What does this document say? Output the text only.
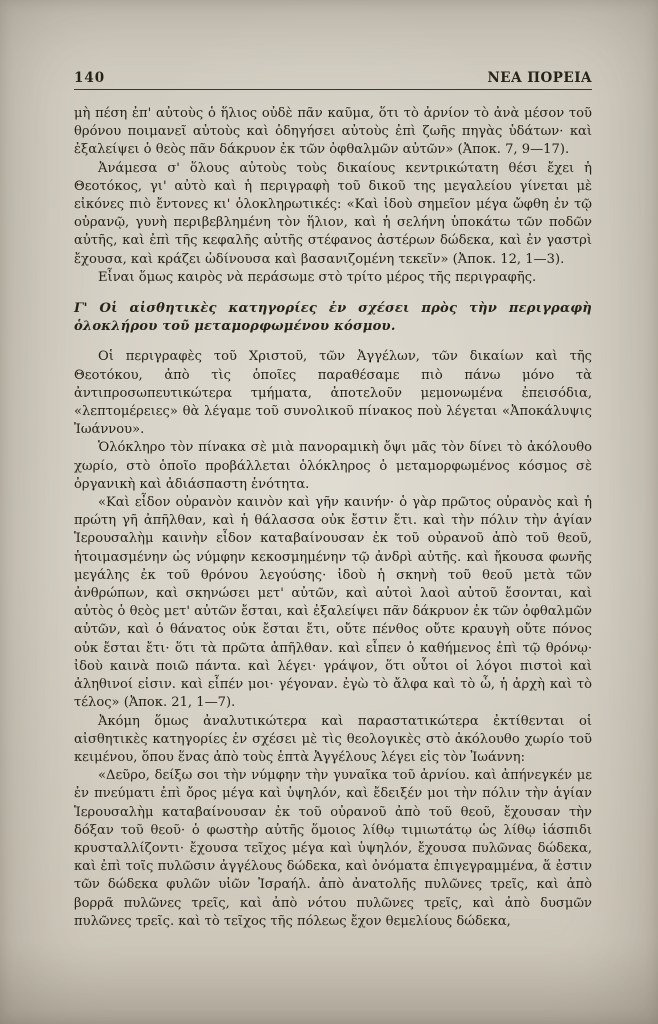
140	ΝΕΑ ΠΟΡΕΙΑ

μὴ πέση ἐπ' αὐτοὺς ὁ ἥλιος οὐδὲ πᾶν καῦμα, ὅτι τὸ ἀρνίον τὸ ἀνὰ μέσον τοῦ θρόνου ποιμανεῖ αὐτοὺς καὶ ὁδηγήσει αὐτοὺς ἐπὶ ζωῆς πηγὰς ὑδάτων· καὶ ἐξαλείψει ὁ θεὸς πᾶν δάκρυον ἐκ τῶν ὀφθαλμῶν αὐτῶν» (Ἀποκ. 7, 9—17).

Ἀνάμεσα σ' ὅλους αὐτοὺς τοὺς δικαίους κεντρικώτατη θέσι ἔχει ἡ Θεοτόκος, γι' αὐτὸ καὶ ἡ περιγραφὴ τοῦ δικοῦ της μεγαλείου γίνεται μὲ εἰκόνες πιὸ ἔντονες κι' ὁλοκληρωτικές: «Καὶ ἰδοὺ σημεῖον μέγα ὤφθη ἐν τῷ οὐρανῷ, γυνὴ περιβεβλημένη τὸν ἥλιον, καὶ ἡ σελήνη ὑποκάτω τῶν ποδῶν αὐτῆς, καὶ ἐπὶ τῆς κεφαλῆς αὐτῆς στέφανος ἀστέρων δώδεκα, καὶ ἐν γαστρὶ ἔχουσα, καὶ κράζει ὠδίνουσα καὶ βασανιζομένη τεκεῖν» (Ἀποκ. 12, 1—3).

Εἶναι ὅμως καιρὸς νὰ περάσωμε στὸ τρίτο μέρος τῆς περιγραφῆς.

Γ' Οἱ αἰσθητικὲς κατηγορίες ἐν σχέσει πρὸς τὴν περιγραφὴ ὁλοκλήρου τοῦ μεταμορφωμένου κόσμου.

Οἱ περιγραφὲς τοῦ Χριστοῦ, τῶν Ἀγγέλων, τῶν δικαίων καὶ τῆς Θεοτόκου, ἀπὸ τὶς ὁποῖες παραθέσαμε πιὸ πάνω μόνο τὰ ἀντιπροσωπευτικώτερα τμήματα, ἀποτελοῦν μεμονωμένα ἐπεισόδια, «λεπτομέρειες» θὰ λέγαμε τοῦ συνολικοῦ πίνακος ποὺ λέγεται «Ἀποκάλυψις Ἰωάννου».

Ὁλόκληρο τὸν πίνακα σὲ μιὰ πανοραμικὴ ὄψι μᾶς τὸν δίνει τὸ ἀκόλουθο χωρίο, στὸ ὁποῖο προβάλλεται ὁλόκληρος ὁ μεταμορφωμένος κόσμος σὲ ὀργανικὴ καὶ ἀδιάσπαστη ἑνότητα.

«Καὶ εἶδον οὐρανὸν καινὸν καὶ γῆν καινήν· ὁ γὰρ πρῶτος οὐρανὸς καὶ ἡ πρώτη γῆ ἀπῆλθαν, καὶ ἡ θάλασσα οὐκ ἔστιν ἔτι. καὶ τὴν πόλιν τὴν ἁγίαν Ἱερουσαλὴμ καινὴν εἶδον καταβαίνουσαν ἐκ τοῦ οὐρανοῦ ἀπὸ τοῦ θεοῦ, ἡτοιμασμένην ὡς νύμφην κεκοσμημένην τῷ ἀνδρὶ αὐτῆς. καὶ ἤκουσα φωνῆς μεγάλης ἐκ τοῦ θρόνου λεγούσης· ἰδοὺ ἡ σκηνὴ τοῦ θεοῦ μετὰ τῶν ἀνθρώπων, καὶ σκηνώσει μετ' αὐτῶν, καὶ αὐτοὶ λαοὶ αὐτοῦ ἔσονται, καὶ αὐτὸς ὁ θεὸς μετ' αὐτῶν ἔσται, καὶ ἐξαλείψει πᾶν δάκρυον ἐκ τῶν ὀφθαλμῶν αὐτῶν, καὶ ὁ θάνατος οὐκ ἔσται ἔτι, οὔτε πένθος οὔτε κραυγὴ οὔτε πόνος οὐκ ἔσται ἔτι· ὅτι τὰ πρῶτα ἀπῆλθαν. καὶ εἶπεν ὁ καθήμενος ἐπὶ τῷ θρόνῳ· ἰδοὺ καινὰ ποιῶ πάντα. καὶ λέγει· γράψον, ὅτι οὗτοι οἱ λόγοι πιστοὶ καὶ ἀληθινοί εἰσιν. καὶ εἶπέν μοι· γέγοναν. ἐγὼ τὸ ἄλφα καὶ τὸ ὦ, ἡ ἀρχὴ καὶ τὸ τέλος» (Ἀποκ. 21, 1—7).

Ἀκόμη ὅμως ἀναλυτικώτερα καὶ παραστατικώτερα ἐκτίθενται οἱ αἰσθητικὲς κατηγορίες ἐν σχέσει μὲ τὶς θεολογικὲς στὸ ἀκόλουθο χωρίο τοῦ κειμένου, ὅπου ἕνας ἀπὸ τοὺς ἑπτὰ Ἀγγέλους λέγει εἰς τὸν Ἰωάννη:

«Δεῦρο, δείξω σοι τὴν νύμφην τὴν γυναῖκα τοῦ ἀρνίου. καὶ ἀπήνεγκέν με ἐν πνεύματι ἐπὶ ὄρος μέγα καὶ ὑψηλόν, καὶ ἔδειξέν μοι τὴν πόλιν τὴν ἁγίαν Ἱερουσαλὴμ καταβαίνουσαν ἐκ τοῦ οὐρανοῦ ἀπὸ τοῦ θεοῦ, ἔχουσαν τὴν δόξαν τοῦ θεοῦ· ὁ φωστὴρ αὐτῆς ὅμοιος λίθῳ τιμιωτάτῳ ὡς λίθῳ ἰάσπιδι κρυσταλλίζοντι· ἔχουσα τεῖχος μέγα καὶ ὑψηλόν, ἔχουσα πυλῶνας δώδεκα, καὶ ἐπὶ τοῖς πυλῶσιν ἀγγέλους δώδεκα, καὶ ὀνόματα ἐπιγεγραμμένα, ἅ ἐστιν τῶν δώδεκα φυλῶν υἱῶν Ἰσραήλ. ἀπὸ ἀνατολῆς πυλῶνες τρεῖς, καὶ ἀπὸ βορρᾶ πυλῶνες τρεῖς, καὶ ἀπὸ νότου πυλῶνες τρεῖς, καὶ ἀπὸ δυσμῶν πυλῶνες τρεῖς. καὶ τὸ τεῖχος τῆς πόλεως ἔχον θεμελίους δώδεκα,
